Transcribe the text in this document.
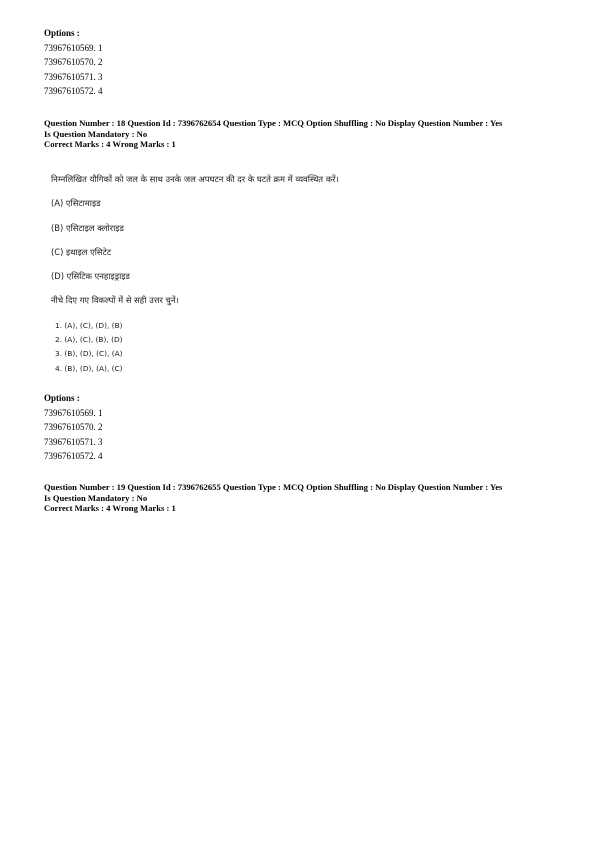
Options :
73967610569. 1
73967610570. 2
73967610571. 3
73967610572. 4
Question Number : 18 Question Id : 7396762654 Question Type : MCQ Option Shuffling : No Display Question Number : Yes
Is Question Mandatory : No
Correct Marks : 4 Wrong Marks : 1
निम्नलिखित यौगिकों को जल के साथ उनके जल अपघटन की दर के घटते क्रम में व्यवस्थित करें।
(A) एसिटामाइड
(B) एसिटाइल क्लोराइड
(C) इथाइल एसिटेट
(D) एसिटिक एनहाइड्राइड
नीचे दिए गए विकल्पों में से सही उत्तर चुनें।
1. (A), (C), (D), (B)
2. (A), (C), (B), (D)
3. (B), (D), (C), (A)
4. (B), (D), (A), (C)
Options :
73967610569. 1
73967610570. 2
73967610571. 3
73967610572. 4
Question Number : 19 Question Id : 7396762655 Question Type : MCQ Option Shuffling : No Display Question Number : Yes
Is Question Mandatory : No
Correct Marks : 4 Wrong Marks : 1
